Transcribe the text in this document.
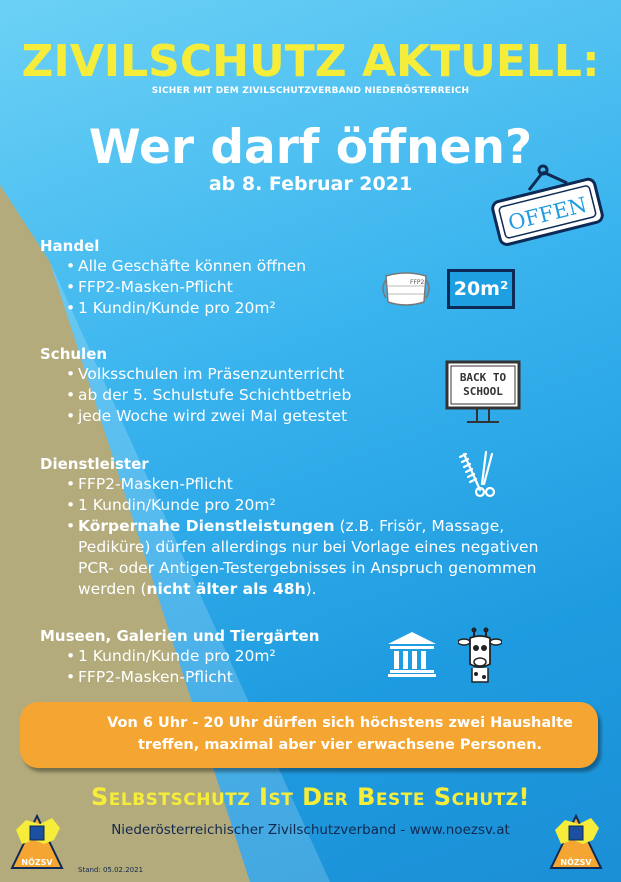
ZIVILSCHUTZ AKTUELL:
SICHER MIT DEM ZIVILSCHUTZVERBAND NIEDERÖSTERREICH
Wer darf öffnen?
ab 8. Februar 2021
OFFEN

Handel

• Alle Geschäfte können öffnen
• FFP2-Masken-Pflicht
• 1 Kundin/Kunde pro 20m²
FFP2	20m²

Schulen

• Volksschulen im Präsenzunterricht
• ab der 5. Schulstufe Schichtbetrieb
• jede Woche wird zwei Mal getestet
BACK TO
SCHOOL

Dienstleister

• FFP2-Masken-Pflicht
• 1 Kundin/Kunde pro 20m²
• Körpernahe Dienstleistungen (z.B. Frisör, Massage, Pediküre) dürfen allerdings nur bei Vorlage eines negativen PCR- oder Antigen-Testergebnisses in Anspruch genommen werden (nicht älter als 48h).

Museen, Galerien und Tiergärten

• 1 Kundin/Kunde pro 20m²
• FFP2-Masken-Pflicht
Von 6 Uhr - 20 Uhr dürfen sich höchstens zwei Haushalte
treffen, maximal aber vier erwachsene Personen.
Selbstschutz Ist Der Beste Schutz!
Niederösterreichischer Zivilschutzverband - www.noezsv.at
Stand: 05.02.2021
NÖZSV	NÖZSV
